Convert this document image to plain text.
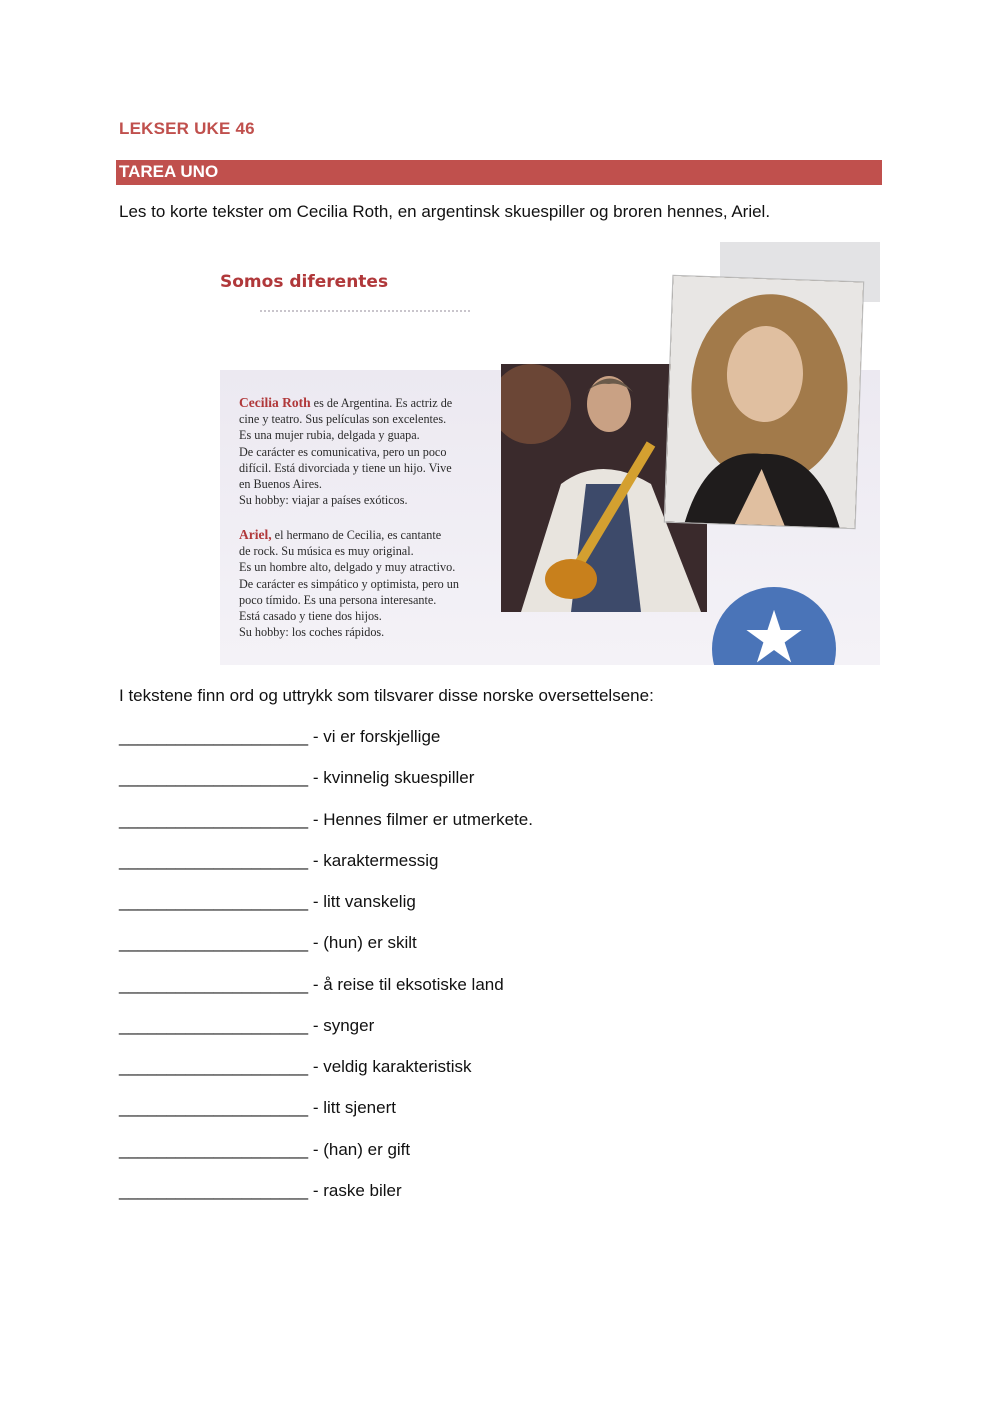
LEKSER UKE 46
TAREA UNO
Les to korte tekster om Cecilia Roth, en argentinsk skuespiller og broren hennes, Ariel.
Somos diferentes
Cecilia Roth es de Argentina. Es actriz de
cine y teatro. Sus películas son excelentes.
Es una mujer rubia, delgada y guapa.
De carácter es comunicativa, pero un poco
difícil. Está divorciada y tiene un hijo. Vive
en Buenos Aires.
Su hobby: viajar a países exóticos.
Ariel, el hermano de Cecilia, es cantante
de rock. Su música es muy original.
Es un hombre alto, delgado y muy atractivo.
De carácter es simpático y optimista, pero un
poco tímido. Es una persona interesante.
Está casado y tiene dos hijos.
Su hobby: los coches rápidos.	★
I tekstene finn ord og uttrykk som tilsvarer disse norske oversettelsene:
____________________ - vi er forskjellige
____________________ - kvinnelig skuespiller
____________________ - Hennes filmer er utmerkete.
____________________ - karaktermessig
____________________ - litt vanskelig
____________________ - (hun) er skilt
____________________ - å reise til eksotiske land
____________________ - synger
____________________ - veldig karakteristisk
____________________ - litt sjenert
____________________ - (han) er gift
____________________ - raske biler
